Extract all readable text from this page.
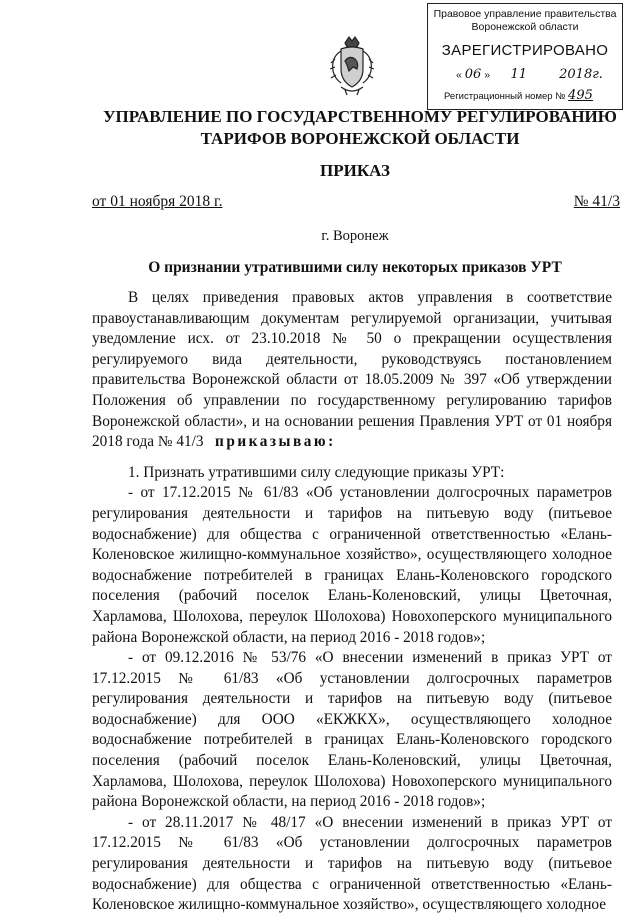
Правовое управление правительства
Воронежской области
ЗАРЕГИСТРИРОВАНО
« 06 » 11 2018г.
Регистрационный номер № 495
УПРАВЛЕНИЕ ПО ГОСУДАРСТВЕННОМУ РЕГУЛИРОВАНИЮ
ТАРИФОВ ВОРОНЕЖСКОЙ ОБЛАСТИ
ПРИКАЗ
от 01 ноября 2018 г.	№ 41/3
г. Воронеж
О признании утратившими силу некоторых приказов УРТ

В целях приведения правовых актов управления в соответствие правоустанавливающим документам регулируемой организации, учитывая уведомление исх. от 23.10.2018 № 50 о прекращении осуществления регулируемого вида деятельности, руководствуясь постановлением правительства Воронежской области от 18.05.2009 № 397 «Об утверждении Положения об управлении по государственному регулированию тарифов Воронежской области», и на основании решения Правления УРТ от 01 ноября 2018 года № 41/3 приказываю:

1. Признать утратившими силу следующие приказы УРТ:

- от 17.12.2015 № 61/83 «Об установлении долгосрочных параметров регулирования деятельности и тарифов на питьевую воду (питьевое водоснабжение) для общества с ограниченной ответственностью «Елань-Коленовское жилищно-коммунальное хозяйство», осуществляющего холодное водоснабжение потребителей в границах Елань-Коленовского городского поселения (рабочий поселок Елань-Коленовский, улицы Цветочная, Харламова, Шолохова, переулок Шолохова) Новохоперского муниципального района Воронежской области, на период 2016 - 2018 годов»;

- от 09.12.2016 № 53/76 «О внесении изменений в приказ УРТ от 17.12.2015 № 61/83 «Об установлении долгосрочных параметров регулирования деятельности и тарифов на питьевую воду (питьевое водоснабжение) для ООО «ЕКЖКХ», осуществляющего холодное водоснабжение потребителей в границах Елань-Коленовского городского поселения (рабочий поселок Елань-Коленовский, улицы Цветочная, Харламова, Шолохова, переулок Шолохова) Новохоперского муниципального района Воронежской области, на период 2016 - 2018 годов»;

- от 28.11.2017 № 48/17 «О внесении изменений в приказ УРТ от 17.12.2015 № 61/83 «Об установлении долгосрочных параметров регулирования деятельности и тарифов на питьевую воду (питьевое водоснабжение) для общества с ограниченной ответственностью «Елань-Коленовское жилищно-коммунальное хозяйство», осуществляющего холодное
